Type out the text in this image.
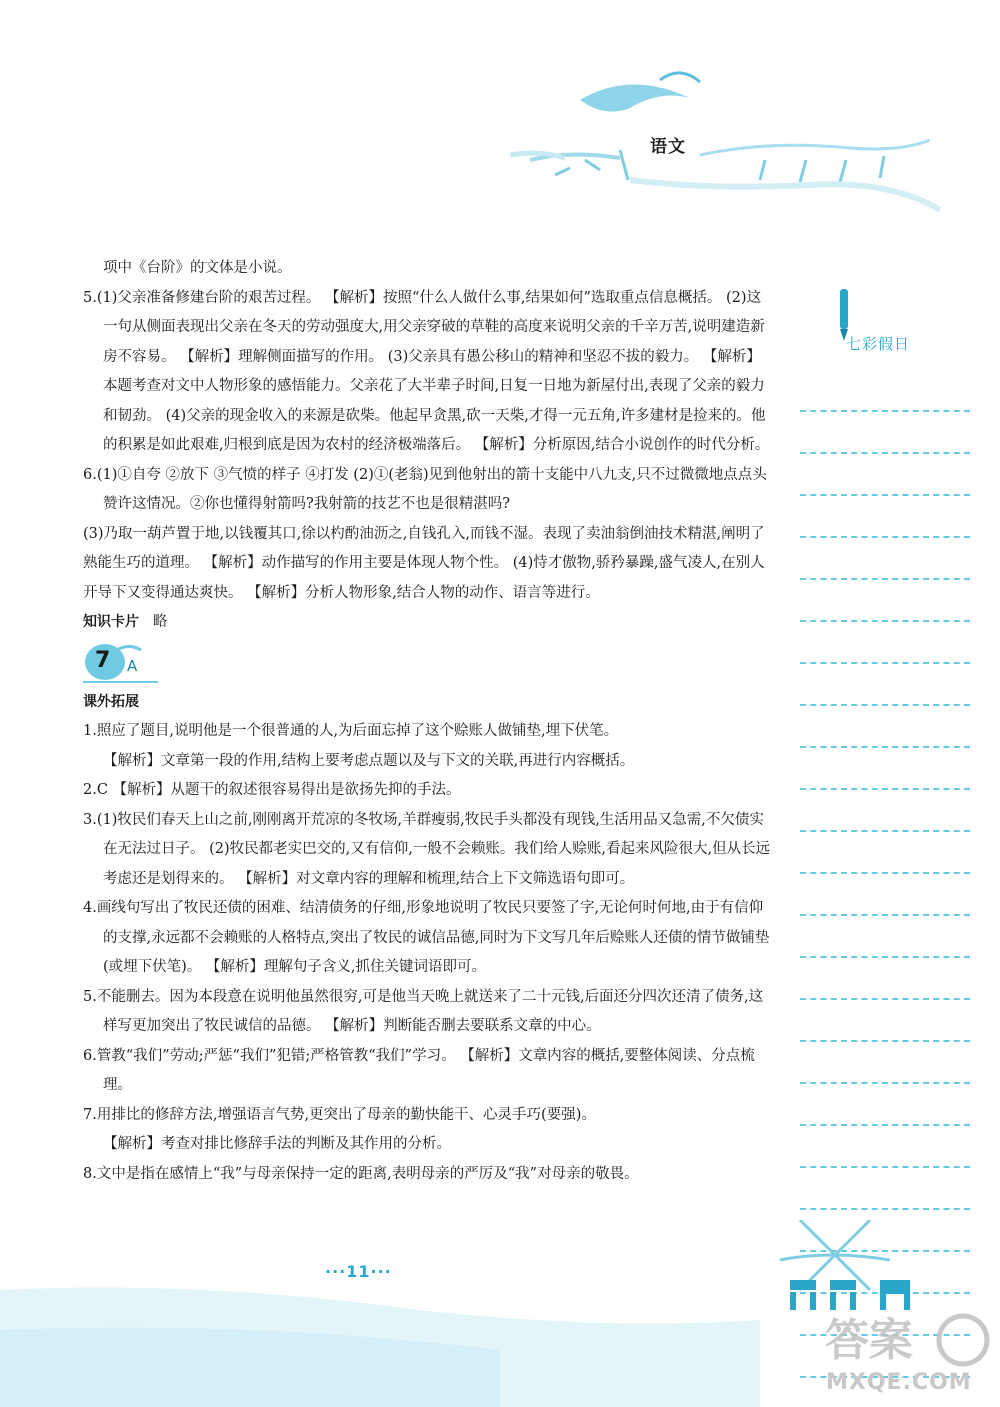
语文
七彩假日

项中《台阶》的文体是小说。

5.(1)父亲准备修建台阶的艰苦过程。 【解析】按照“什么人做什么事,结果如何”选取重点信息概括。 (2)这一句从侧面表现出父亲在冬天的劳动强度大,用父亲穿破的草鞋的高度来说明父亲的千辛万苦,说明建造新房不容易。 【解析】理解侧面描写的作用。 (3)父亲具有愚公移山的精神和坚忍不拔的毅力。 【解析】本题考查对文中人物形象的感悟能力。父亲花了大半辈子时间,日复一日地为新屋付出,表现了父亲的毅力和韧劲。 (4)父亲的现金收入的来源是砍柴。他起早贪黑,砍一天柴,才得一元五角,许多建材是捡来的。他的积累是如此艰难,归根到底是因为农村的经济极端落后。 【解析】分析原因,结合小说创作的时代分析。

6.(1)①自夸 ②放下 ③气愤的样子 ④打发 (2)①(老翁)见到他射出的箭十支能中八九支,只不过微微地点点头赞许这情况。②你也懂得射箭吗?我射箭的技艺不也是很精湛吗?

(3)乃取一葫芦置于地,以钱覆其口,徐以杓酌油沥之,自钱孔入,而钱不湿。表现了卖油翁倒油技术精湛,阐明了熟能生巧的道理。 【解析】动作描写的作用主要是体现人物个性。 (4)恃才傲物,骄矜暴躁,盛气凌人,在别人开导下又变得通达爽快。 【解析】分析人物形象,结合人物的动作、语言等进行。

知识卡片 略

7 A

课外拓展

1.照应了题目,说明他是一个很普通的人,为后面忘掉了这个赊账人做铺垫,埋下伏笔。

【解析】文章第一段的作用,结构上要考虑点题以及与下文的关联,再进行内容概括。

2.C 【解析】从题干的叙述很容易得出是欲扬先抑的手法。

3.(1)牧民们春天上山之前,刚刚离开荒凉的冬牧场,羊群瘦弱,牧民手头都没有现钱,生活用品又急需,不欠债实在无法过日子。 (2)牧民都老实巴交的,又有信仰,一般不会赖账。我们给人赊账,看起来风险很大,但从长远考虑还是划得来的。 【解析】对文章内容的理解和梳理,结合上下文筛选语句即可。

4.画线句写出了牧民还债的困难、结清债务的仔细,形象地说明了牧民只要签了字,无论何时何地,由于有信仰的支撑,永远都不会赖账的人格特点,突出了牧民的诚信品德,同时为下文写几年后赊账人还债的情节做铺垫(或埋下伏笔)。 【解析】理解句子含义,抓住关键词语即可。

5.不能删去。因为本段意在说明他虽然很穷,可是他当天晚上就送来了二十元钱,后面还分四次还清了债务,这样写更加突出了牧民诚信的品德。 【解析】判断能否删去要联系文章的中心。

6.管教“我们”劳动;严惩“我们”犯错;严格管教“我们”学习。 【解析】文章内容的概括,要整体阅读、分点梳理。

7.用排比的修辞方法,增强语言气势,更突出了母亲的勤快能干、心灵手巧(要强)。

【解析】考查对排比修辞手法的判断及其作用的分析。

8.文中是指在感情上“我”与母亲保持一定的距离,表明母亲的严厉及“我”对母亲的敬畏。

···11···
答案
MXQE.COM
